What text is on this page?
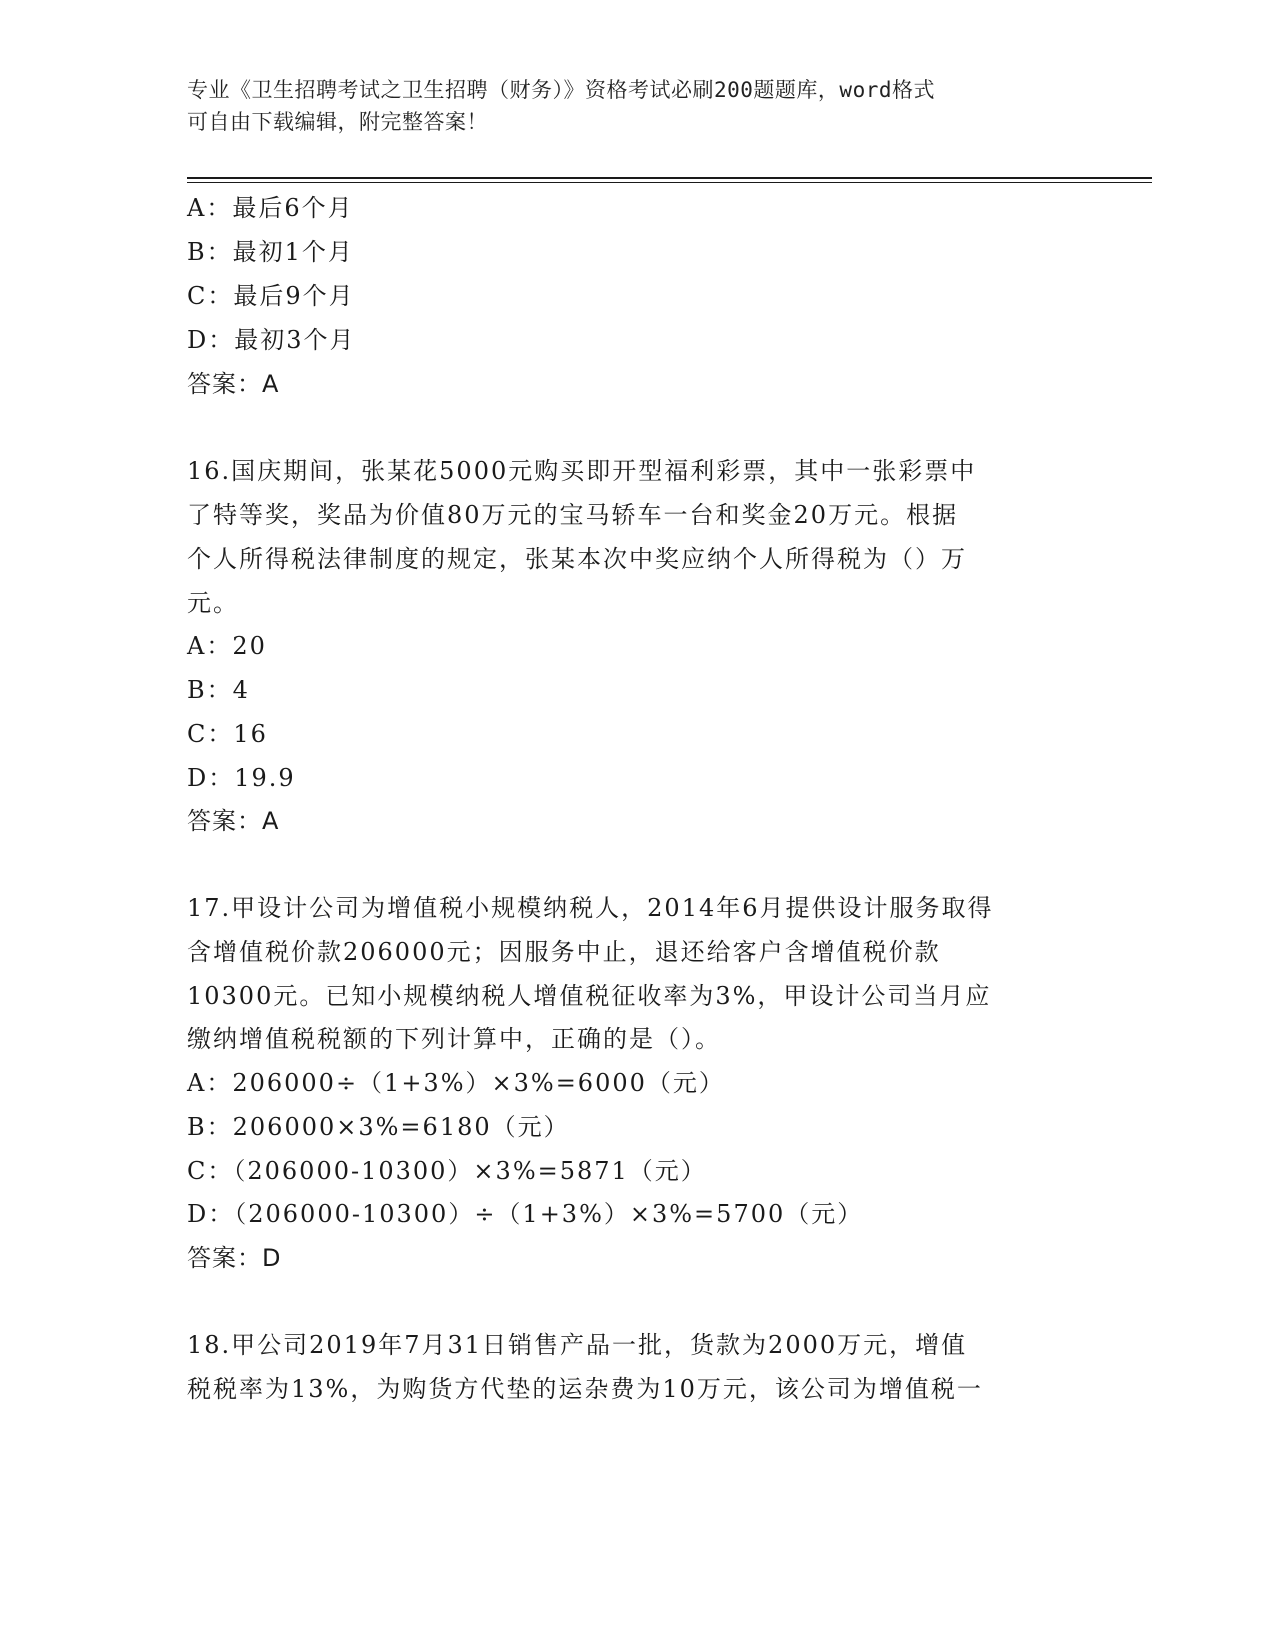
专业《卫生招聘考试之卫生招聘（财务）》资格考试必刷200题题库，word格式
可自由下载编辑，附完整答案！
A：最后6个月
B：最初1个月
C：最后9个月
D：最初3个月
答案：A
16.国庆期间，张某花5000元购买即开型福利彩票，其中一张彩票中
了特等奖，奖品为价值80万元的宝马轿车一台和奖金20万元。根据
个人所得税法律制度的规定，张某本次中奖应纳个人所得税为（）万
元。
A：20
B：4
C：16
D：19.9
答案：A
17.甲设计公司为增值税小规模纳税人，2014年6月提供设计服务取得
含增值税价款206000元；因服务中止，退还给客户含增值税价款
10300元。已知小规模纳税人增值税征收率为3%，甲设计公司当月应
缴纳增值税税额的下列计算中，正确的是（）。
A：206000÷（1+3%）×3%=6000（元）
B：206000×3%=6180（元）
C：（206000-10300）×3%=5871（元）
D：（206000-10300）÷（1+3%）×3%=5700（元）
答案：D
18.甲公司2019年7月31日销售产品一批，货款为2000万元，增值
税税率为13%，为购货方代垫的运杂费为10万元，该公司为增值税一
